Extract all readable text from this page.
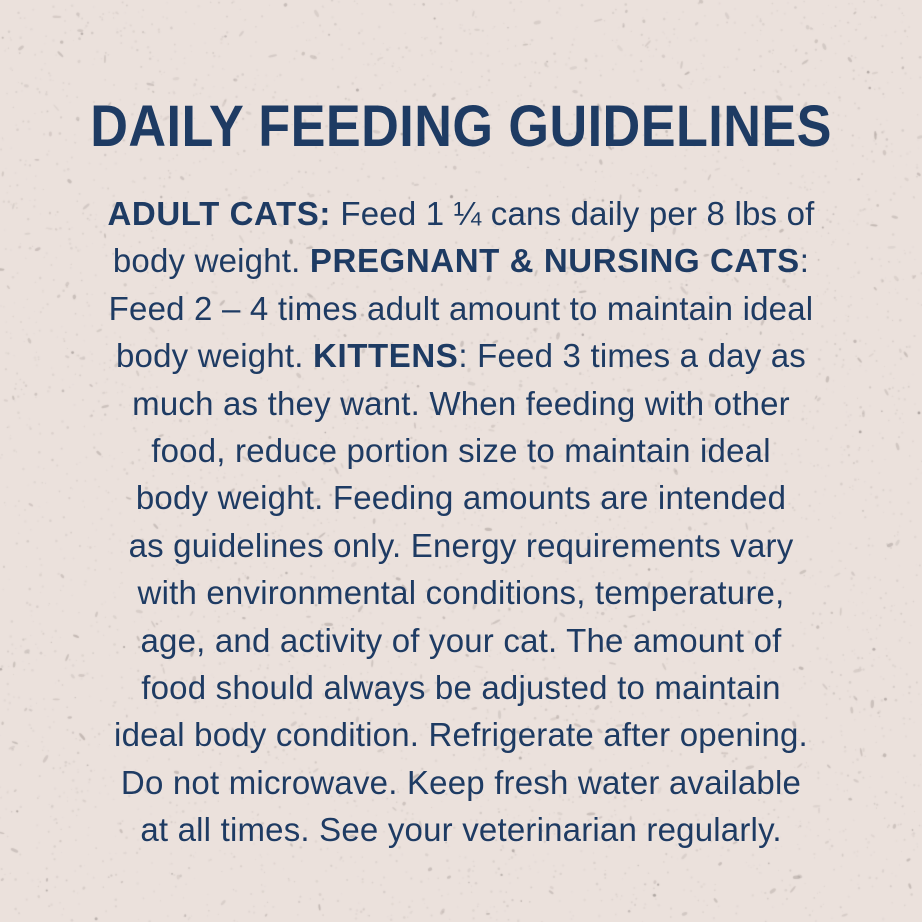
DAILY FEEDING GUIDELINES
ADULT CATS: Feed 1 ¼ cans daily per 8 lbs of
body weight. PREGNANT & NURSING CATS:
Feed 2 – 4 times adult amount to maintain ideal
body weight. KITTENS: Feed 3 times a day as
much as they want. When feeding with other
food, reduce portion size to maintain ideal
body weight. Feeding amounts are intended
as guidelines only. Energy requirements vary
with environmental conditions, temperature,
age, and activity of your cat. The amount of
food should always be adjusted to maintain
ideal body condition. Refrigerate after opening.
Do not microwave. Keep fresh water available
at all times. See your veterinarian regularly.
